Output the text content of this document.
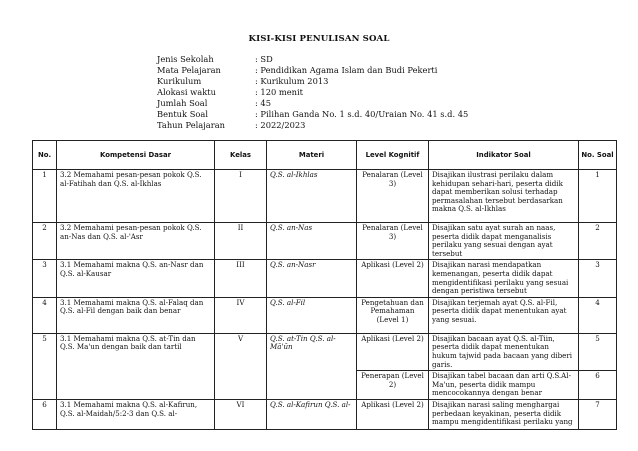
KISI-KISI PENULISAN SOAL
Jenis Sekolah	: SD
Mata Pelajaran	: Pendidikan Agama Islam dan Budi Pekerti
Kurikulum	: Kurikulum 2013
Alokasi waktu	: 120 menit
Jumlah Soal	: 45
Bentuk Soal	: Pilihan Ganda No. 1 s.d. 40/Uraian No. 41 s.d. 45
Tahun Pelajaran	: 2022/2023
No.	Kompetensi Dasar	Kelas	Materi	Level Kognitif	Indikator Soal	No. Soal
1	3.2 Memahami pesan-pesan pokok Q.S. al-Fatihah dan Q.S. al-Ikhlas	I	Q.S. al-Ikhlas	Penalaran (Level 3)	Disajikan ilustrasi perilaku dalam kehidupan sehari-hari, peserta didik dapat memberikan solusi terhadap permasalahan tersebut berdasarkan makna Q.S. al-Ikhlas	1
2	3.2 Memahami pesan-pesan pokok Q.S. an-Nas dan Q.S. al-'Asr	II	Q.S. an-Nas	Penalaran (Level 3)	Disajikan satu ayat surah an naas, peserta didik dapat menganalisis perilaku yang sesuai dengan ayat tersebut	2
3	3.1 Memahami makna Q.S. an-Nasr dan Q.S. al-Kausar	III	Q.S. an-Nasr	Aplikasi (Level 2)	Disajikan narasi mendapatkan kemenangan, peserta didik dapat mengidentifikasi perilaku yang sesuai dengan peristiwa tersebut	3
4	3.1 Memahami makna Q.S. al-Falaq dan Q.S. al-Fil dengan baik dan benar	IV	Q.S. al-Fil	Pengetahuan dan Pemahaman (Level 1)	Disajikan terjemah ayat Q.S. al-Fil, peserta didik dapat menentukan ayat yang sesuai.	4
5	3.1 Memahami makna Q.S. at-Tin dan Q.S. Ma'un dengan baik dan tartil	V	Q.S. at-Tin Q.S. al-Mā'ūn	Aplikasi (Level 2)	Disajikan bacaan ayat Q.S. al-Tiin, peserta didik dapat menentukan hukum tajwid pada bacaan yang diberi garis.	5
				Penerapan (Level 2)	Disajikan tabel bacaan dan arti Q.S.Al-Ma'un, peserta didik mampu mencocokannya dengan benar	6
6	3.1 Memahami makna Q.S. al-Kafirun, Q.S. al-Maidah/5:2-3 dan Q.S. al-	VI	Q.S. al-Kafirun Q.S. al-	Aplikasi (Level 2)	Disajikan narasi saling menghargai perbedaan keyakinan, peserta didik mampu mengidentifikasi perilaku yang	7
